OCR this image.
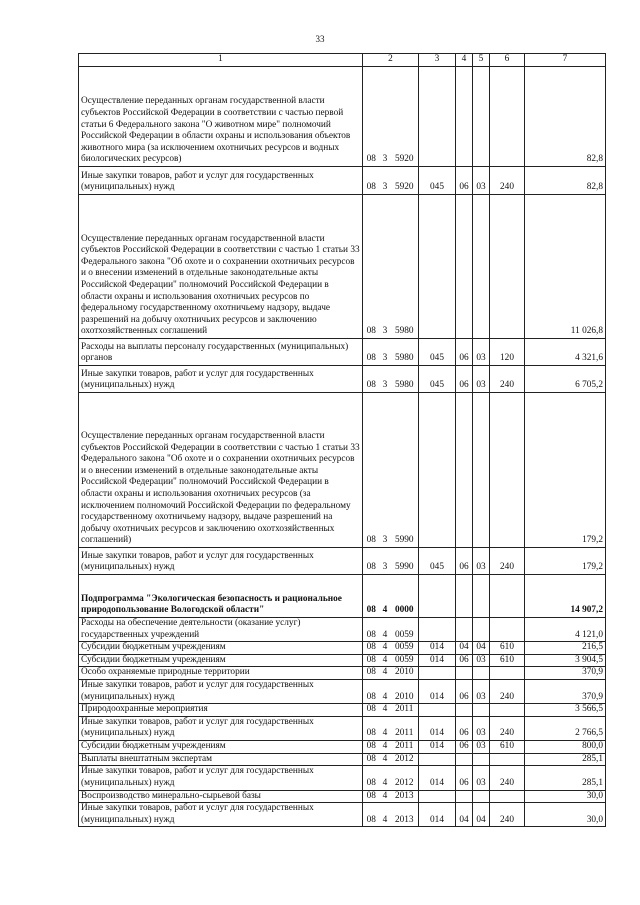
33
1	2			3	4	5	6	7
Осуществление переданных органам государственной власти субъектов Российской Федерации в соответствии с частью первой статьи 6 Федерального закона "О животном мире" полномочий Российской Федерации в области охраны и использования объектов животного мира (за исключением охотничьих ресурсов и водных биологических ресурсов)	08	3	5920					82,8
Иные закупки товаров, работ и услуг для государственных (муниципальных) нужд	08	3	5920	045	06	03	240	82,8
Осуществление переданных органам государственной власти субъектов Российской Федерации в соответствии с частью 1 статьи 33 Федерального закона "Об охоте и о сохранении охотничьих ресурсов и о внесении изменений в отдельные законодательные акты Российской Федерации" полномочий Российской Федерации в области охраны и использования охотничьих ресурсов по федеральному государственному охотничьему надзору, выдаче разрешений на добычу охотничьих ресурсов и заключению охотхозяйственных соглашений	08	3	5980					11 026,8
Расходы на выплаты персоналу государственных (муниципальных) органов	08	3	5980	045	06	03	120	4 321,6
Иные закупки товаров, работ и услуг для государственных (муниципальных) нужд	08	3	5980	045	06	03	240	6 705,2
Осуществление переданных органам государственной власти субъектов Российской Федерации в соответствии с частью 1 статьи 33 Федерального закона "Об охоте и о сохранении охотничьих ресурсов и о внесении изменений в отдельные законодательные акты Российской Федерации" полномочий Российской Федерации в области охраны и использования охотничьих ресурсов (за исключением полномочий Российской Федерации по федеральному государственному охотничьему надзору, выдаче разрешений на добычу охотничьих ресурсов и заключению охотхозяйственных соглашений)	08	3	5990					179,2
Иные закупки товаров, работ и услуг для государственных (муниципальных) нужд	08	3	5990	045	06	03	240	179,2
Подпрограмма "Экологическая безопасность и рациональное природопользование Вологодской области"	08	4	0000					14 907,2
Расходы на обеспечение деятельности (оказание услуг) государственных учреждений	08	4	0059					4 121,0
Субсидии бюджетным учреждениям	08	4	0059	014	04	04	610	216,5
Субсидии бюджетным учреждениям	08	4	0059	014	06	03	610	3 904,5
Особо охраняемые природные территории	08	4	2010					370,9
Иные закупки товаров, работ и услуг для государственных (муниципальных) нужд	08	4	2010	014	06	03	240	370,9
Природоохранные мероприятия	08	4	2011					3 566,5
Иные закупки товаров, работ и услуг для государственных (муниципальных) нужд	08	4	2011	014	06	03	240	2 766,5
Субсидии бюджетным учреждениям	08	4	2011	014	06	03	610	800,0
Выплаты внештатным экспертам	08	4	2012					285,1
Иные закупки товаров, работ и услуг для государственных (муниципальных) нужд	08	4	2012	014	06	03	240	285,1
Воспроизводство минерально-сырьевой базы	08	4	2013					30,0
Иные закупки товаров, работ и услуг для государственных (муниципальных) нужд	08	4	2013	014	04	04	240	30,0
